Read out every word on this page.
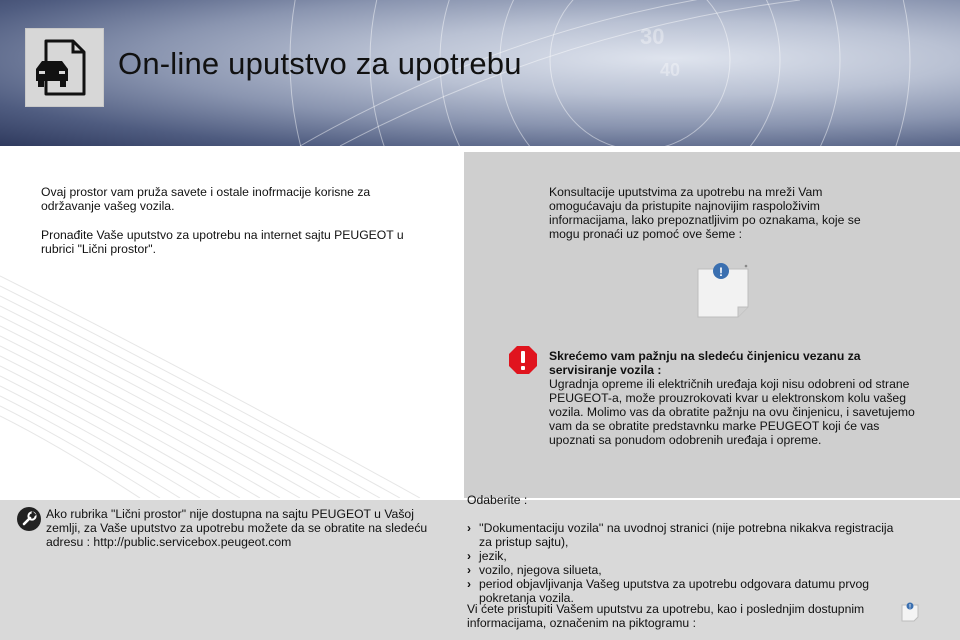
30
40
On-line uputstvo za upotrebu
Ovaj prostor vam pruža savete i ostale inofrmacije korisne za održavanje vašeg vozila.
Pronađite Vaše uputstvo za upotrebu na internet sajtu PEUGEOT u rubrici "Lični prostor".
Konsultacije uputstvima za upotrebu na mreži Vam omogućavaju da pristupite najnovijim raspoloživim informacijama, lako prepoznatljivim po oznakama, koje se mogu pronaći uz pomoć ove šeme :
!
Skrećemo vam pažnju na sledeću činjenicu vezanu za servisiranje vozila :
Ugradnja opreme ili električnih uređaja koji nisu odobreni od strane PEUGEOT-a, može prouzrokovati kvar u elektronskom kolu vašeg vozila. Molimo vas da obratite pažnju na ovu činjenicu, i savetujemo vam da se obratite predstavnku marke PEUGEOT koji će vas upoznati sa ponudom odobrenih uređaja i opreme.
Ako rubrika "Lični prostor" nije dostupna na sajtu PEUGEOT u Vašoj zemlji, za Vaše uputstvo za upotrebu možete da se obratite na sledeću adresu : http://public.servicebox.peugeot.com
Odaberite :
› ''Dokumentaciju vozila'' na uvodnoj stranici (nije potrebna nikakva registracija za pristup sajtu),
› jezik,
› vozilo, njegova silueta,
› period objavljivanja Vašeg uputstva za upotrebu odgovara datumu prvog pokretanja vozila.
Vi ćete pristupiti Vašem uputstvu za upotrebu, kao i poslednjim dostupnim informacijama, označenim na piktogramu :
!
